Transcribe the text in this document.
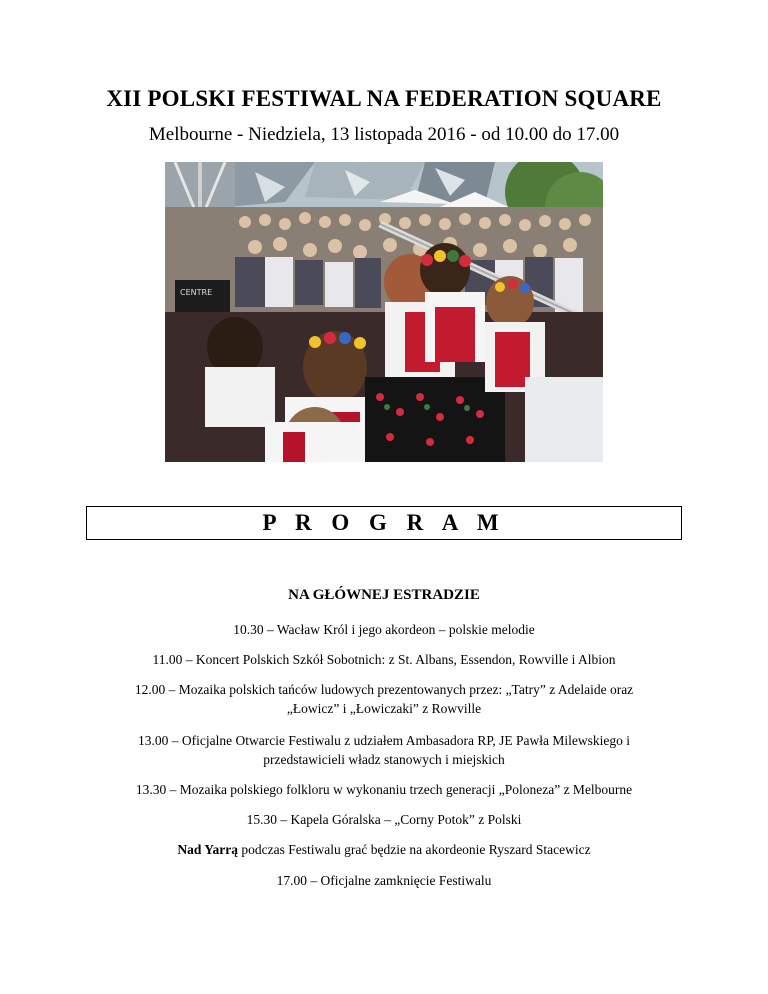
XII POLSKI FESTIWAL NA FEDERATION SQUARE
Melbourne - Niedziela, 13 listopada 2016 - od 10.00 do 17.00
CENTRE
P R O G R A M
NA GŁÓWNEJ ESTRADZIE
10.30 – Wacław Król i jego akordeon – polskie melodie
11.00 – Koncert Polskich Szkół Sobotnich: z St. Albans, Essendon, Rowville i Albion
12.00 – Mozaika polskich tańców ludowych prezentowanych przez: „Tatry” z Adelaide oraz
„Łowicz” i „Łowiczaki” z Rowville
13.00 – Oficjalne Otwarcie Festiwalu z udziałem Ambasadora RP, JE Pawła Milewskiego i
przedstawicieli władz stanowych i miejskich
13.30 – Mozaika polskiego folkloru w wykonaniu trzech generacji „Poloneza” z Melbourne
15.30 – Kapela Góralska – „Corny Potok” z Polski
Nad Yarrą podczas Festiwalu grać będzie na akordeonie Ryszard Stacewicz
17.00 – Oficjalne zamknięcie Festiwalu
